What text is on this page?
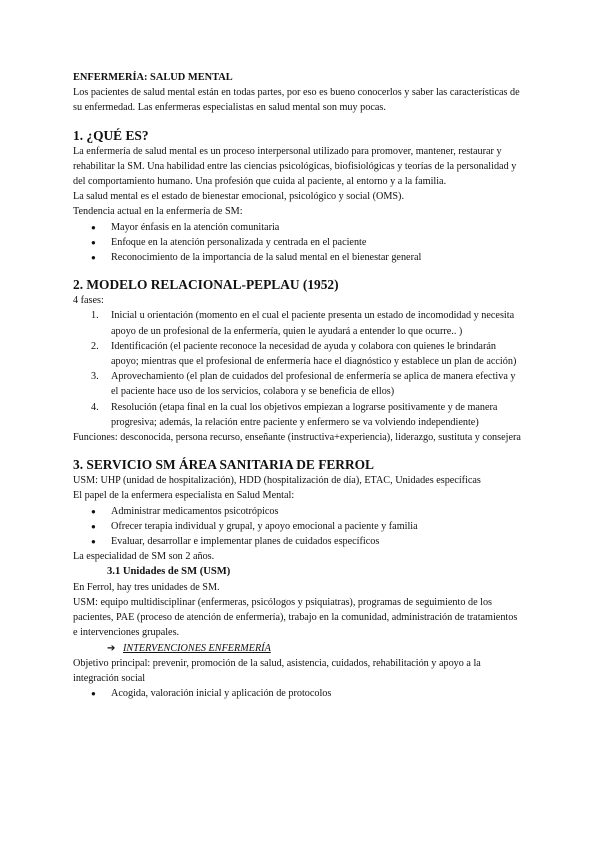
ENFERMERÍA: SALUD MENTAL

Los pacientes de salud mental están en todas partes, por eso es bueno conocerlos y saber las características de su enfermedad. Las enfermeras especialistas en salud mental son muy pocas.

1. ¿QUÉ ES?

La enfermería de salud mental es un proceso interpersonal utilizado para promover, mantener, restaurar y rehabilitar la SM. Una habilidad entre las ciencias psicológicas, biofisiológicas y teorías de la personalidad y del comportamiento humano. Una profesión que cuida al paciente, al entorno y a la familia.

La salud mental es el estado de bienestar emocional, psicológico y social (OMS).

Tendencia actual en la enfermería de SM:

● Mayor énfasis en la atención comunitaria
● Enfoque en la atención personalizada y centrada en el paciente
● Reconocimiento de la importancia de la salud mental en el bienestar general
2. MODELO RELACIONAL-PEPLAU (1952)

4 fases:

1. Inicial u orientación (momento en el cual el paciente presenta un estado de incomodidad y necesita apoyo de un profesional de la enfermería, quien le ayudará a entender lo que ocurre.. )
2. Identificación (el paciente reconoce la necesidad de ayuda y colabora con quienes le brindarán apoyo; mientras que el profesional de enfermería hace el diagnóstico y establece un plan de acción)
3. Aprovechamiento (el plan de cuidados del profesional de enfermería se aplica de manera efectiva y el paciente hace uso de los servicios, colabora y se beneficia de ellos)
4. Resolución (etapa final en la cual los objetivos empiezan a lograrse positivamente y de manera progresiva; además, la relación entre paciente y enfermero se va volviendo independiente)

Funciones: desconocida, persona recurso, enseñante (instructiva+experiencia), liderazgo, sustituta y consejera

3. SERVICIO SM ÁREA SANITARIA DE FERROL

USM: UHP (unidad de hospitalización), HDD (hospitalización de día), ETAC, Unidades específicas

El papel de la enfermera especialista en Salud Mental:

● Administrar medicamentos psicotrópicos
● Ofrecer terapia individual y grupal, y apoyo emocional a paciente y familia
● Evaluar, desarrollar e implementar planes de cuidados específicos

La especialidad de SM son 2 años.

3.1 Unidades de SM (USM)

En Ferrol, hay tres unidades de SM.

USM: equipo multidisciplinar (enfermeras, psicólogos y psiquiatras), programas de seguimiento de los pacientes, PAE (proceso de atención de enfermería), trabajo en la comunidad, administración de tratamientos e intervenciones grupales.

➔ INTERVENCIONES ENFERMERÍA

Objetivo principal: prevenir, promoción de la salud, asistencia, cuidados, rehabilitación y apoyo a la integración social

● Acogida, valoración inicial y aplicación de protocolos
